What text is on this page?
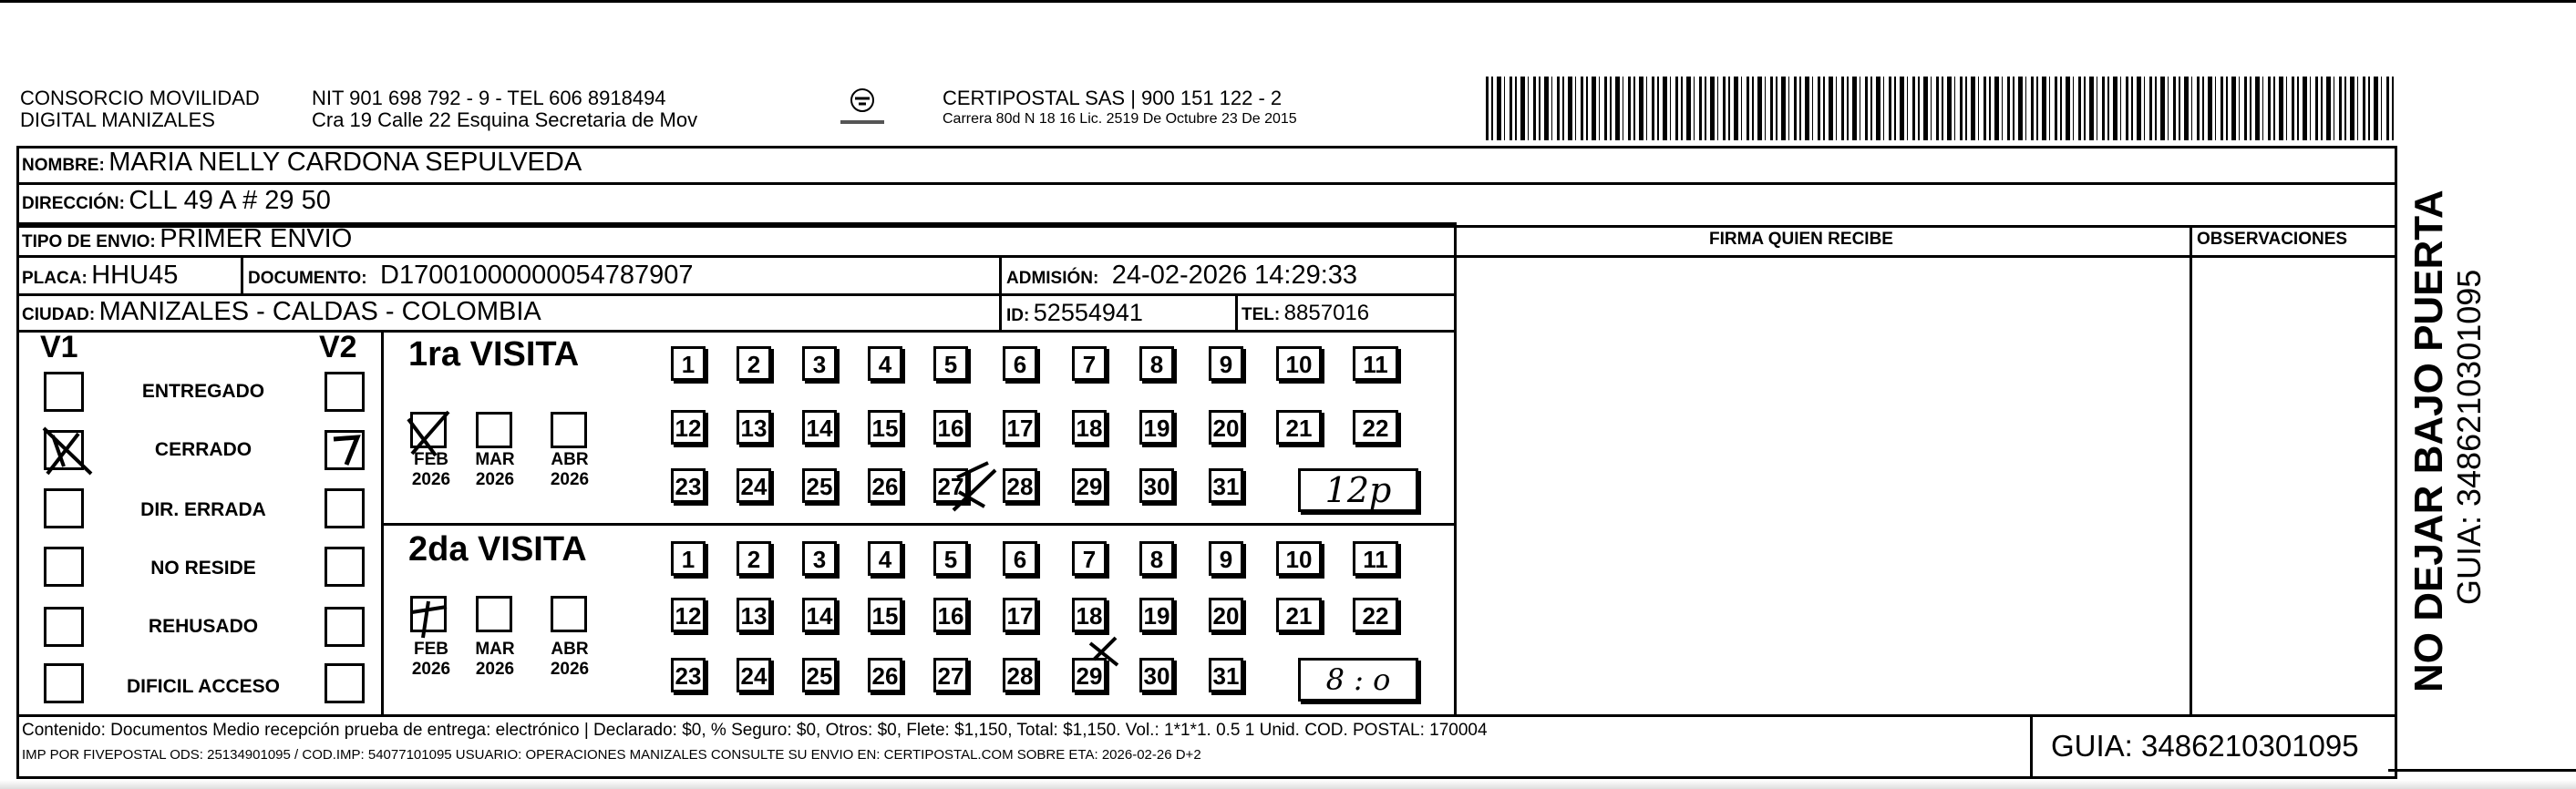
CONSORCIO MOVILIDAD
DIGITAL MANIZALES
NIT 901 698 792 - 9 - TEL 606 8918494
Cra 19 Calle 22 Esquina Secretaria de Mov
CERTIPOSTAL SAS | 900 151 122 - 2
Carrera 80d N 18 16 Lic. 2519 De Octubre 23 De 2015
NOMBRE: MARIA NELLY CARDONA SEPULVEDA
DIRECCIÓN: CLL 49 A # 29 50
TIPO DE ENVIO: PRIMER ENVIO	FIRMA QUIEN RECIBE	OBSERVACIONES
PLACA: HHU45	DOCUMENTO: D17001000000054787907	ADMISIÓN: 24-02-2026 14:29:33
CIUDAD: MANIZALES - CALDAS - COLOMBIA	ID: 52554941	TEL: 8857016
V1	V2
ENTREGADO
CERRADO
DIR. ERRADA
NO RESIDE
REHUSADO
DIFICIL ACCESO
1ra VISITA
2da VISITA
FEB
2026
MAR
2026
ABR
2026
FEB
2026
MAR
2026
ABR
2026
1	2	3	4	5	6	7	8	9	10	11
12 13 14 15 16 17 18 19 20	21	22
23 24 25 26 27 28 29 30 31
1	2	3	4	5	6	7	8	9	10	11
12 13 14 15 16 17 18 19 20	21	22
23 24 25 26 27 28 29 30 31
12p
8 : o
Contenido: Documentos Medio recepción prueba de entrega: electrónico | Declarado: $0, % Seguro: $0, Otros: $0, Flete: $1,150, Total: $1,150. Vol.: 1*1*1. 0.5 1 Unid. COD. POSTAL: 170004
IMP POR FIVEPOSTAL ODS: 25134901095 / COD.IMP: 54077101095 USUARIO: OPERACIONES MANIZALES CONSULTE SU ENVIO EN: CERTIPOSTAL.COM SOBRE ETA: 2026-02-26 D+2	GUIA: 3486210301095
NO DEJAR BAJO PUERTA GUIA: 3486210301095
